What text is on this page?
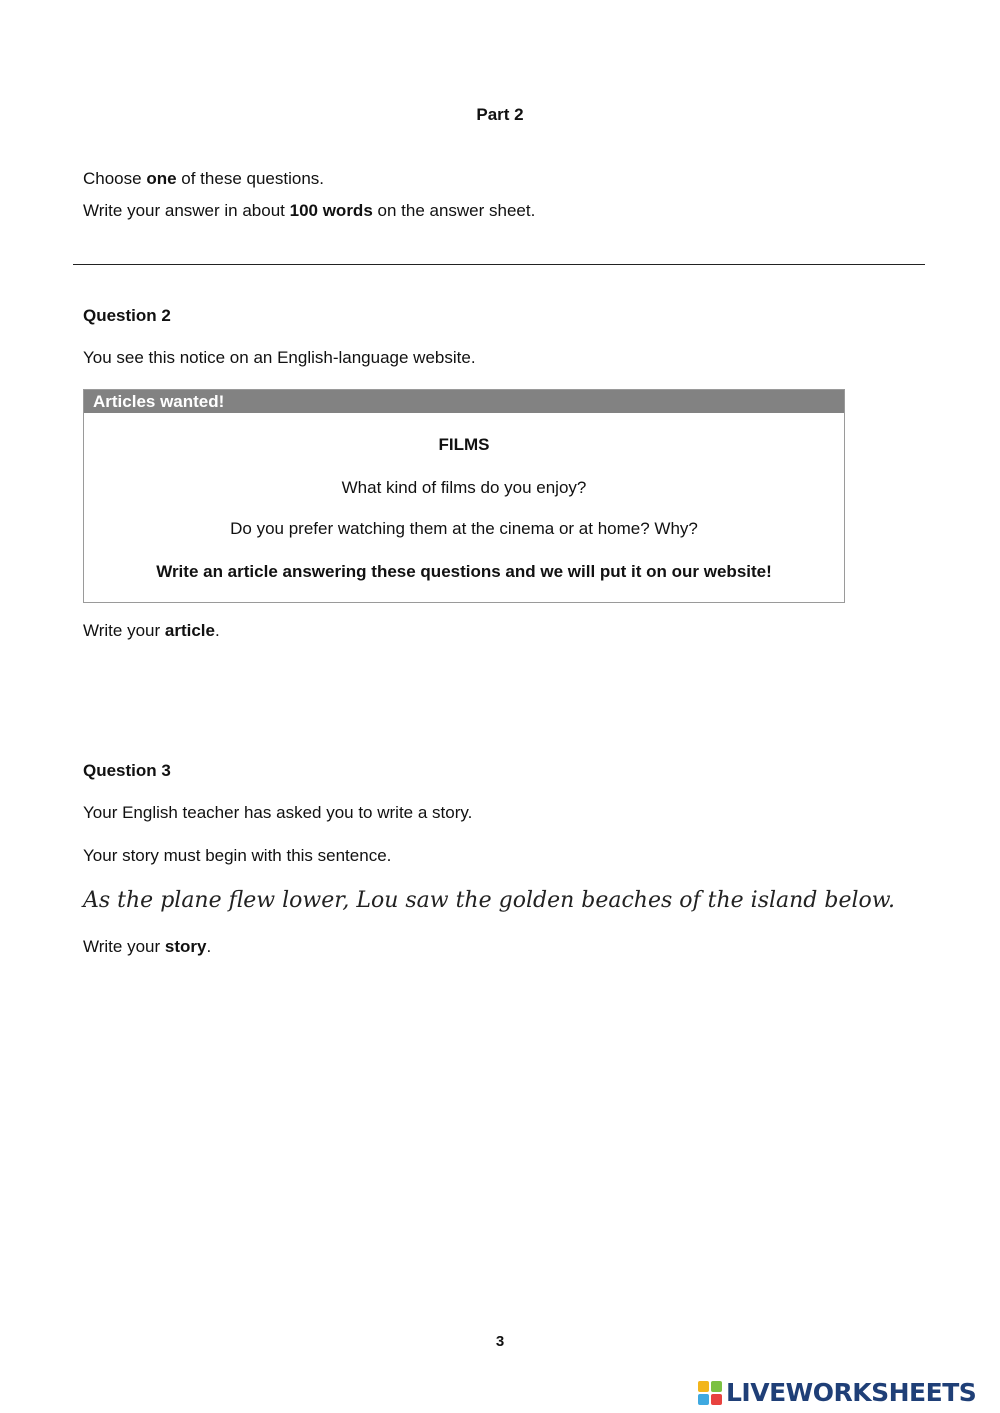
Part 2
Choose one of these questions.
Write your answer in about 100 words on the answer sheet.
Question 2
You see this notice on an English-language website.
Articles wanted!
FILMS
What kind of films do you enjoy?
Do you prefer watching them at the cinema or at home? Why?
Write an article answering these questions and we will put it on our website!
Write your article.
Question 3
Your English teacher has asked you to write a story.
Your story must begin with this sentence.
As the plane flew lower, Lou saw the golden beaches of the island below.
Write your story.
3
LIVEWORKSHEETS
